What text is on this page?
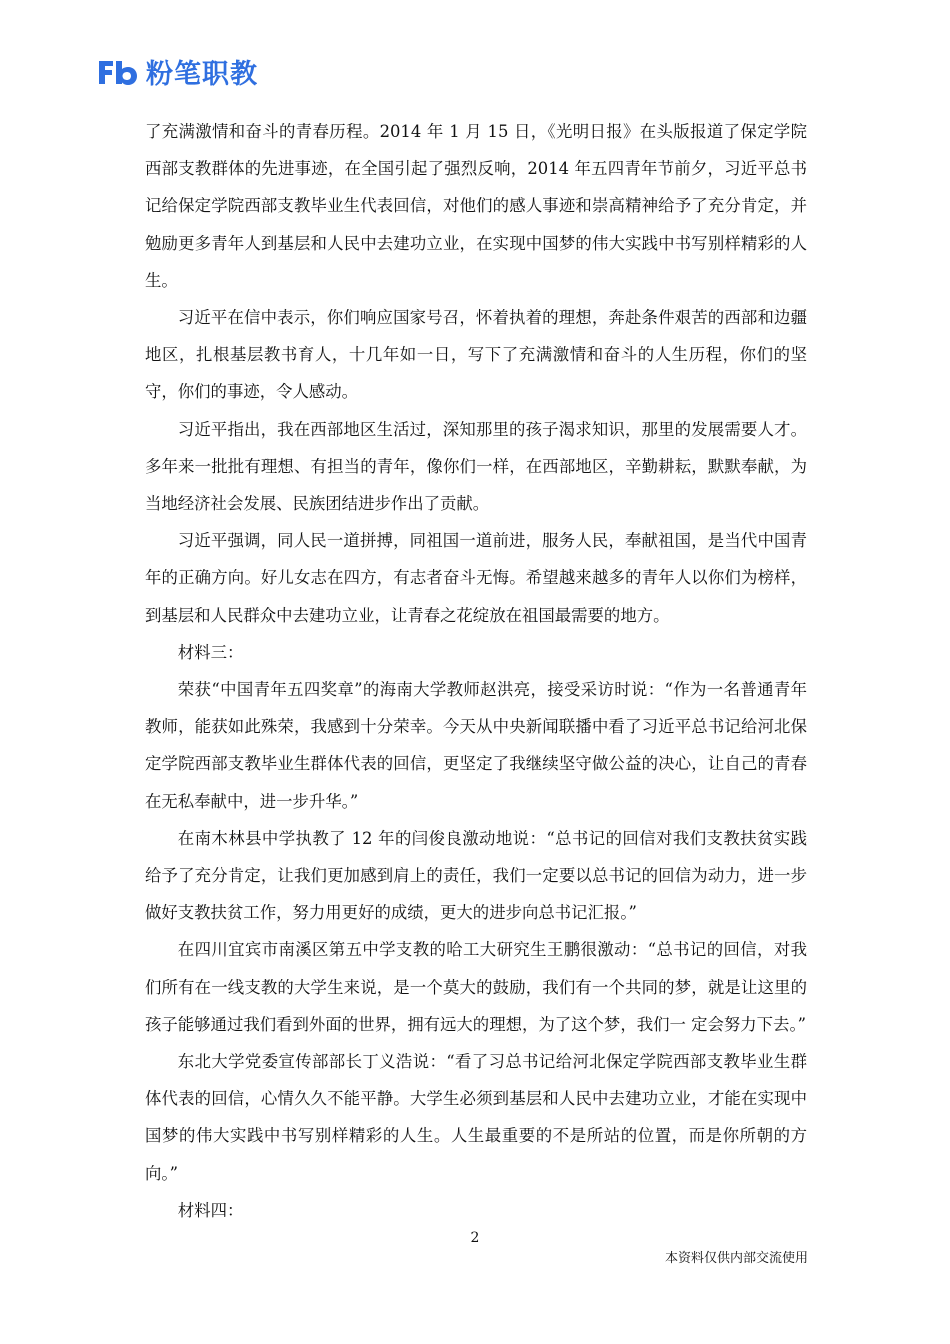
粉笔职教

了充满激情和奋斗的青春历程。2014 年 1 月 15 日，《光明日报》在头版报道了保定学院西部支教群体的先进事迹，在全国引起了强烈反响，2014 年五四青年节前夕，习近平总书记给保定学院西部支教毕业生代表回信，对他们的感人事迹和崇高精神给予了充分肯定，并勉励更多青年人到基层和人民中去建功立业，在实现中国梦的伟大实践中书写别样精彩的人生。

习近平在信中表示，你们响应国家号召，怀着执着的理想，奔赴条件艰苦的西部和边疆地区，扎根基层教书育人，十几年如一日，写下了充满激情和奋斗的人生历程，你们的坚守，你们的事迹，令人感动。

习近平指出，我在西部地区生活过，深知那里的孩子渴求知识，那里的发展需要人才。多年来一批批有理想、有担当的青年，像你们一样，在西部地区，辛勤耕耘，默默奉献，为当地经济社会发展、民族团结进步作出了贡献。

习近平强调，同人民一道拼搏，同祖国一道前进，服务人民，奉献祖国，是当代中国青年的正确方向。好儿女志在四方，有志者奋斗无悔。希望越来越多的青年人以你们为榜样，到基层和人民群众中去建功立业，让青春之花绽放在祖国最需要的地方。

材料三：

荣获“中国青年五四奖章”的海南大学教师赵洪亮，接受采访时说：“作为一名普通青年教师，能获如此殊荣，我感到十分荣幸。今天从中央新闻联播中看了习近平总书记给河北保定学院西部支教毕业生群体代表的回信，更坚定了我继续坚守做公益的决心，让自己的青春在无私奉献中，进一步升华。”

在南木林县中学执教了 12 年的闫俊良激动地说：“总书记的回信对我们支教扶贫实践给予了充分肯定，让我们更加感到肩上的责任，我们一定要以总书记的回信为动力，进一步做好支教扶贫工作，努力用更好的成绩，更大的进步向总书记汇报。”

在四川宜宾市南溪区第五中学支教的哈工大研究生王鹏很激动：“总书记的回信，对我们所有在一线支教的大学生来说，是一个莫大的鼓励，我们有一个共同的梦，就是让这里的孩子能够通过我们看到外面的世界，拥有远大的理想，为了这个梦，我们一 定会努力下去。”

东北大学党委宣传部部长丁义浩说：“看了习总书记给河北保定学院西部支教毕业生群体代表的回信，心情久久不能平静。大学生必须到基层和人民中去建功立业，才能在实现中国梦的伟大实践中书写别样精彩的人生。人生最重要的不是所站的位置，而是你所朝的方向。”

材料四：

2
本资料仅供内部交流使用
